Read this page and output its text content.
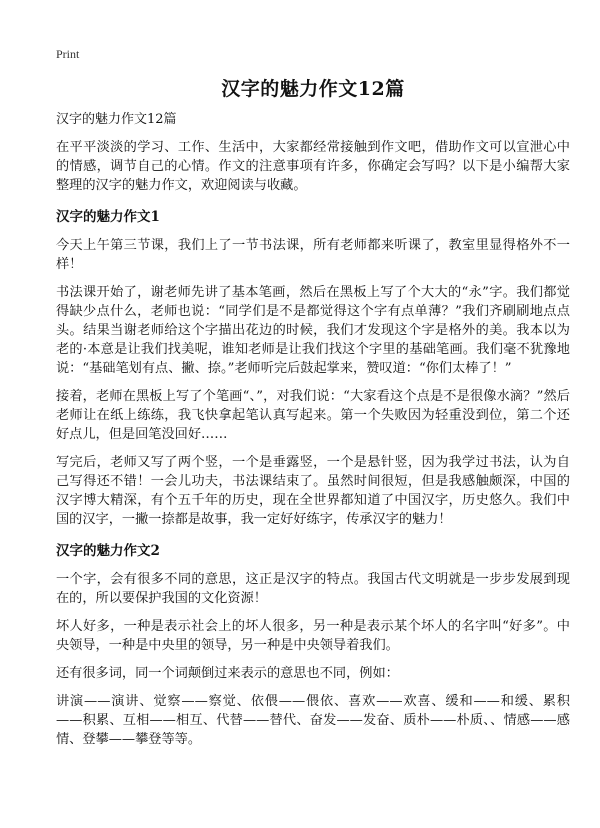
Print
汉字的魅力作文12篇
汉字的魅力作文12篇
在平平淡淡的学习、工作、生活中，大家都经常接触到作文吧，借助作文可以宣泄心中的情感，调节自己的心情。作文的注意事项有许多，你确定会写吗？以下是小编帮大家整理的汉字的魅力作文，欢迎阅读与收藏。
汉字的魅力作文1
今天上午第三节课，我们上了一节书法课，所有老师都来听课了，教室里显得格外不一样！
书法课开始了，谢老师先讲了基本笔画，然后在黑板上写了个大大的“永”字。我们都觉得缺少点什么，老师也说：“同学们是不是都觉得这个字有点单薄？”我们齐刷刷地点点头。结果当谢老师给这个字描出花边的时候，我们才发现这个字是格外的美。我本以为老的·本意是让我们找美呢，谁知老师是让我们找这个字里的基础笔画。我们毫不犹豫地说：“基础笔划有点、撇、捺。”老师听完后鼓起掌来，赞叹道：“你们太棒了！”
接着，老师在黑板上写了个笔画“、”，对我们说：“大家看这个点是不是很像水滴？”然后老师让在纸上练练，我飞快拿起笔认真写起来。第一个失败因为轻重没到位，第二个还好点儿，但是回笔没回好……
写完后，老师又写了两个竖，一个是垂露竖，一个是悬针竖，因为我学过书法，认为自己写得还不错！一会儿功夫，书法课结束了。虽然时间很短，但是我感触颇深，中国的汉字博大精深，有个五千年的历史，现在全世界都知道了中国汉字，历史悠久。我们中国的汉字，一撇一捺都是故事，我一定好好练字，传承汉字的魅力！
汉字的魅力作文2
一个字，会有很多不同的意思，这正是汉字的特点。我国古代文明就是一步步发展到现在的，所以要保护我国的文化资源！
坏人好多，一种是表示社会上的坏人很多，另一种是表示某个坏人的名字叫“好多”。中央领导，一种是中央里的领导，另一种是中央领导着我们。
还有很多词，同一个词颠倒过来表示的意思也不同，例如：
讲演——演讲、觉察——察觉、依偎——偎依、喜欢——欢喜、缓和——和缓、累积——积累、互相——相互、代替——替代、奋发——发奋、质朴——朴质、、情感——感情、登攀——攀登等等。
